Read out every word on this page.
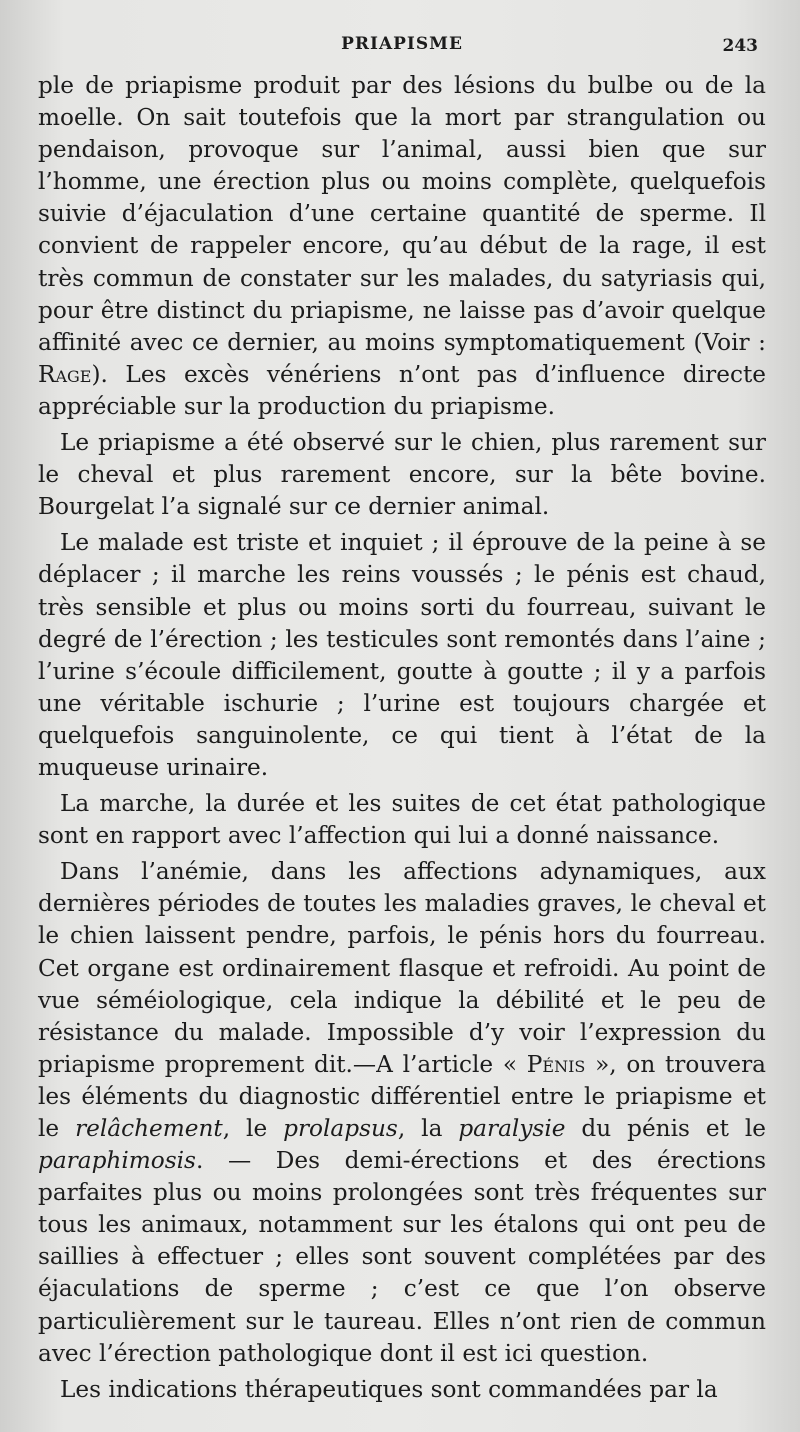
PRIAPISME	243

ple de priapisme produit par des lésions du bulbe ou de la moelle. On sait toutefois que la mort par strangulation ou pendaison, provoque sur l’animal, aussi bien que sur l’homme, une érection plus ou moins complète, quelquefois suivie d’éjaculation d’une certaine quantité de sperme. Il convient de rappeler encore, qu’au début de la rage, il est très commun de constater sur les malades, du satyriasis qui, pour être distinct du priapisme, ne laisse pas d’avoir quelque affinité avec ce dernier, au moins symptomatiquement (Voir : Rage). Les excès vénériens n’ont pas d’influence directe appréciable sur la production du priapisme.

Le priapisme a été observé sur le chien, plus rarement sur le cheval et plus rarement encore, sur la bête bovine. Bourgelat l’a signalé sur ce dernier animal.

Le malade est triste et inquiet ; il éprouve de la peine à se déplacer ; il marche les reins voussés ; le pénis est chaud, très sensible et plus ou moins sorti du fourreau, suivant le degré de l’érection ; les testicules sont remontés dans l’aine ; l’urine s’écoule difficilement, goutte à goutte ; il y a parfois une véritable ischurie ; l’urine est toujours chargée et quelquefois sanguinolente, ce qui tient à l’état de la muqueuse urinaire.

La marche, la durée et les suites de cet état pathologique sont en rapport avec l’affection qui lui a donné naissance.

Dans l’anémie, dans les affections adynamiques, aux dernières périodes de toutes les maladies graves, le cheval et le chien laissent pendre, parfois, le pénis hors du fourreau. Cet organe est ordinairement flasque et refroidi. Au point de vue séméiologique, cela indique la débilité et le peu de résistance du malade. Impossible d’y voir l’expression du priapisme proprement dit.—A l’article « Pénis », on trouvera les éléments du diagnostic différentiel entre le priapisme et le relâchement, le prolapsus, la paralysie du pénis et le paraphimosis. — Des demi-érections et des érections parfaites plus ou moins prolongées sont très fréquentes sur tous les animaux, notamment sur les étalons qui ont peu de saillies à effectuer ; elles sont souvent complétées par des éjaculations de sperme ; c’est ce que l’on observe particulièrement sur le taureau. Elles n’ont rien de commun avec l’érection pathologique dont il est ici question.

Les indications thérapeutiques sont commandées par la
